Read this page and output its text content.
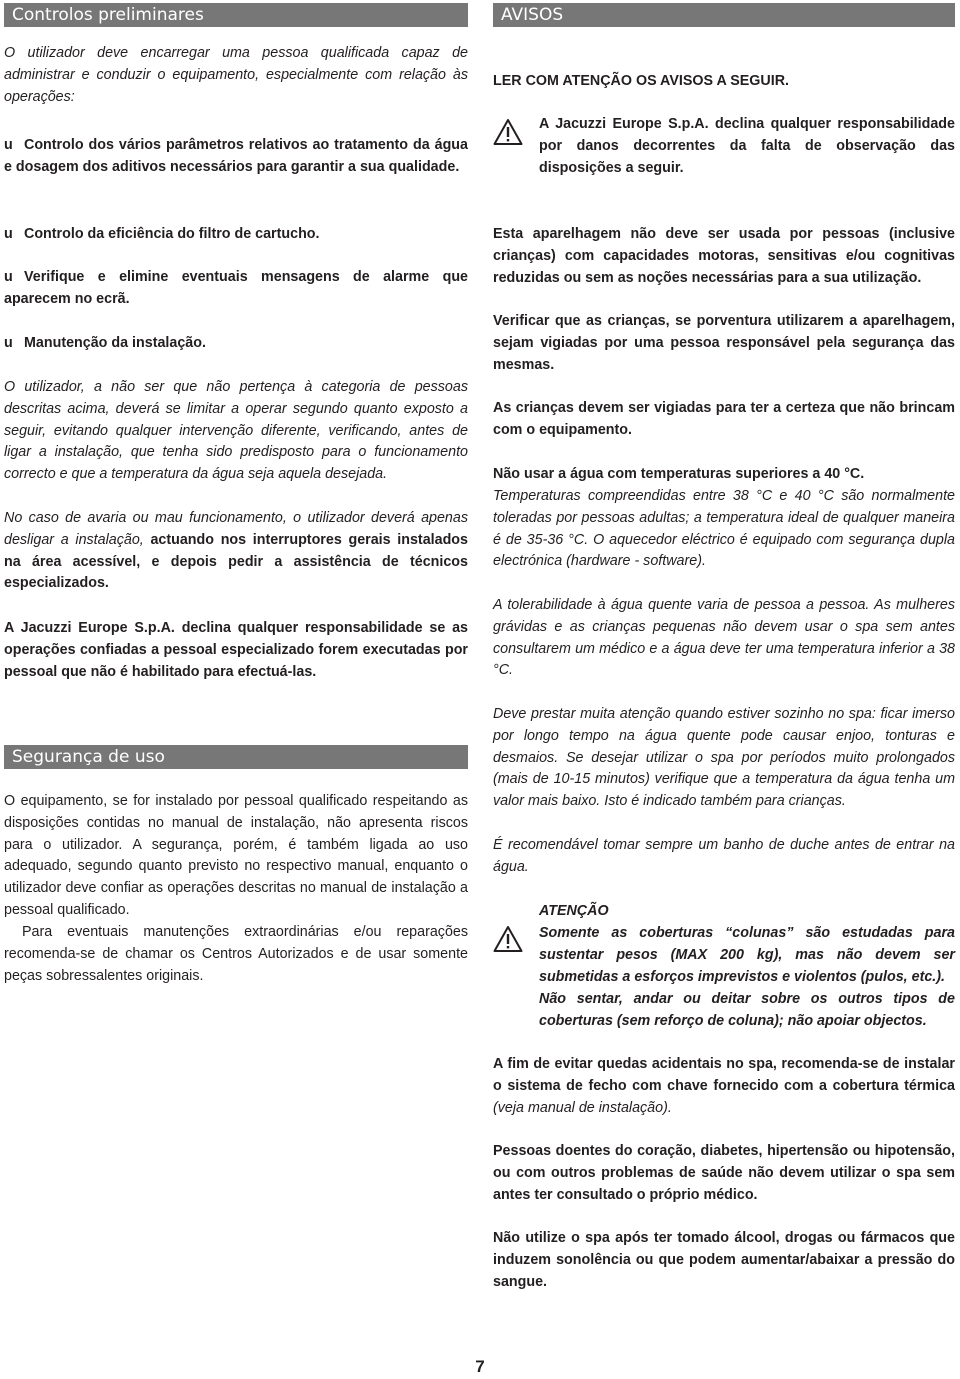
Controlos preliminares

O utilizador deve encarregar uma pessoa qualificada capaz de administrar e conduzir o equipamento, especialmente com relação às operações:

u Controlo dos vários parâmetros relativos ao tratamento da água e dosagem dos aditivos necessários para garantir a sua qualidade.

u Controlo da eficiência do filtro de cartucho.

u Verifique e elimine eventuais mensagens de alarme que aparecem no ecrã.

u Manutenção da instalação.

O utilizador, a não ser que não pertença à categoria de pessoas descritas acima, deverá se limitar a operar segundo quanto exposto a seguir, evitando qualquer intervenção diferente, verificando, antes de ligar a instalação, que tenha sido predisposto para o funcionamento correcto e que a temperatura da água seja aquela desejada.

No caso de avaria ou mau funcionamento, o utilizador deverá apenas desligar a instalação, actuando nos interruptores gerais instalados na área acessível, e depois pedir a assistência de técnicos especializados.

A Jacuzzi Europe S.p.A. declina qualquer responsabilidade se as operações confiadas a pessoal especializado forem executadas por pessoal que não é habilitado para efectuá-las.

Segurança de uso

O equipamento, se for instalado por pessoal qualificado respeitando as disposições contidas no manual de instalação, não apresenta riscos para o utilizador. A segurança, porém, é também ligada ao uso adequado, segundo quanto previsto no respectivo manual, enquanto o utilizador deve confiar as operações descritas no manual de instalação a pessoal qualificado.

Para eventuais manutenções extraordinárias e/ou reparações recomenda-se de chamar os Centros Autorizados e de usar somente peças sobressalentes originais.

AVISOS

LER COM ATENÇÃO OS AVISOS A SEGUIR.

A Jacuzzi Europe S.p.A. declina qualquer responsabilidade por danos decorrentes da falta de observação das disposições a seguir.

Esta aparelhagem não deve ser usada por pessoas (inclusive crianças) com capacidades motoras, sensitivas e/ou cognitivas reduzidas ou sem as noções necessárias para a sua utilização.

Verificar que as crianças, se porventura utilizarem a aparelhagem, sejam vigiadas por uma pessoa responsável pela segurança das mesmas.

As crianças devem ser vigiadas para ter a certeza que não brincam com o equipamento.

Não usar a água com temperaturas superiores a 40 °C.

Temperaturas compreendidas entre 38 °C e 40 °C são normalmente toleradas por pessoas adultas; a temperatura ideal de qualquer maneira é de 35-36 °C. O aquecedor eléctrico é equipado com segurança dupla electrónica (hardware - software).

A tolerabilidade à água quente varia de pessoa a pessoa. As mulheres grávidas e as crianças pequenas não devem usar o spa sem antes consultarem um médico e a água deve ter uma temperatura inferior a 38 °C.

Deve prestar muita atenção quando estiver sozinho no spa: ficar imerso por longo tempo na água quente pode causar enjoo, tonturas e desmaios. Se desejar utilizar o spa por períodos muito prolongados (mais de 10-15 minutos) verifique que a temperatura da água tenha um valor mais baixo. Isto é indicado também para crianças.

É recomendável tomar sempre um banho de duche antes de entrar na água.

ATENÇÃO

Somente as coberturas “colunas” são estudadas para sustentar pesos (MAX 200 kg), mas não devem ser submetidas a esforços imprevistos e violentos (pulos, etc.).

Não sentar, andar ou deitar sobre os outros tipos de coberturas (sem reforço de coluna); não apoiar objectos.

A fim de evitar quedas acidentais no spa, recomenda-se de instalar o sistema de fecho com chave fornecido com a cobertura térmica (veja manual de instalação).

Pessoas doentes do coração, diabetes, hipertensão ou hipotensão, ou com outros problemas de saúde não devem utilizar o spa sem antes ter consultado o próprio médico.

Não utilize o spa após ter tomado álcool, drogas ou fármacos que induzem sonolência ou que podem aumentar/abaixar a pressão do sangue.

7
